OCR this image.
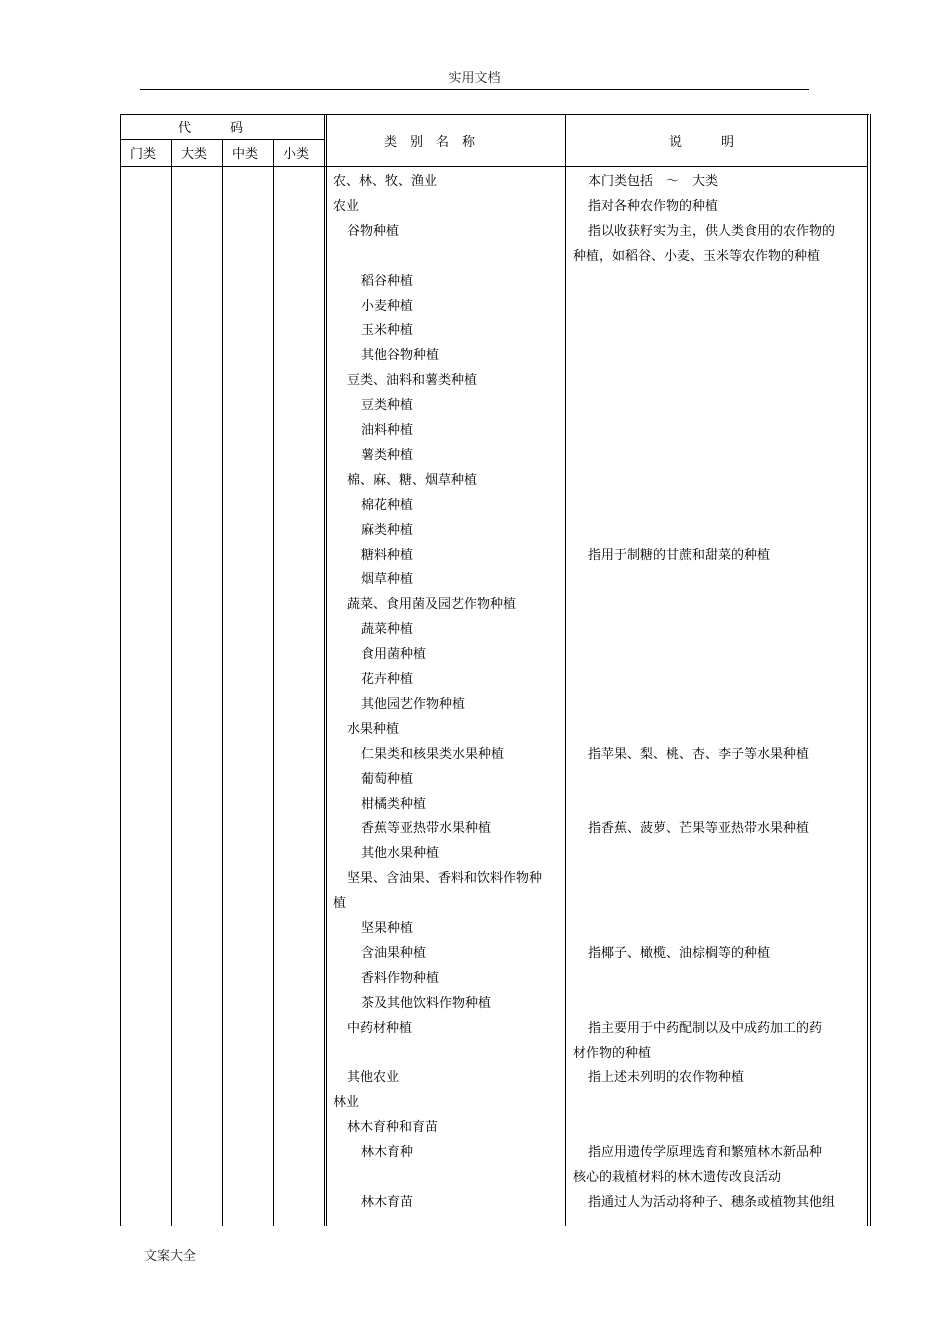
实用文档
代　　　码
门类 大类 中类 小类
类　别　名　称	说　　　明
农、林、牧、渔业	本门类包括　～　大类
农业	指对各种农作物的种植
谷物种植	指以收获籽实为主，供人类食用的农作物的
种植，如稻谷、小麦、玉米等农作物的种植
稻谷种植
小麦种植
玉米种植
其他谷物种植
豆类、油料和薯类种植
豆类种植
油料种植
薯类种植
棉、麻、糖、烟草种植
棉花种植
麻类种植
糖料种植	指用于制糖的甘蔗和甜菜的种植
烟草种植
蔬菜、食用菌及园艺作物种植
蔬菜种植
食用菌种植
花卉种植
其他园艺作物种植
水果种植
仁果类和核果类水果种植	指苹果、梨、桃、杏、李子等水果种植
葡萄种植
柑橘类种植
香蕉等亚热带水果种植	指香蕉、菠萝、芒果等亚热带水果种植
其他水果种植
坚果、含油果、香料和饮料作物种
植
坚果种植
含油果种植	指椰子、橄榄、油棕榈等的种植
香料作物种植
茶及其他饮料作物种植
中药材种植	指主要用于中药配制以及中成药加工的药
材作物的种植
其他农业	指上述未列明的农作物种植
林业
林木育种和育苗
林木育种	指应用遗传学原理选育和繁殖林木新品种
核心的栽植材料的林木遗传改良活动
林木育苗	指通过人为活动将种子、穗条或植物其他组
文案大全
